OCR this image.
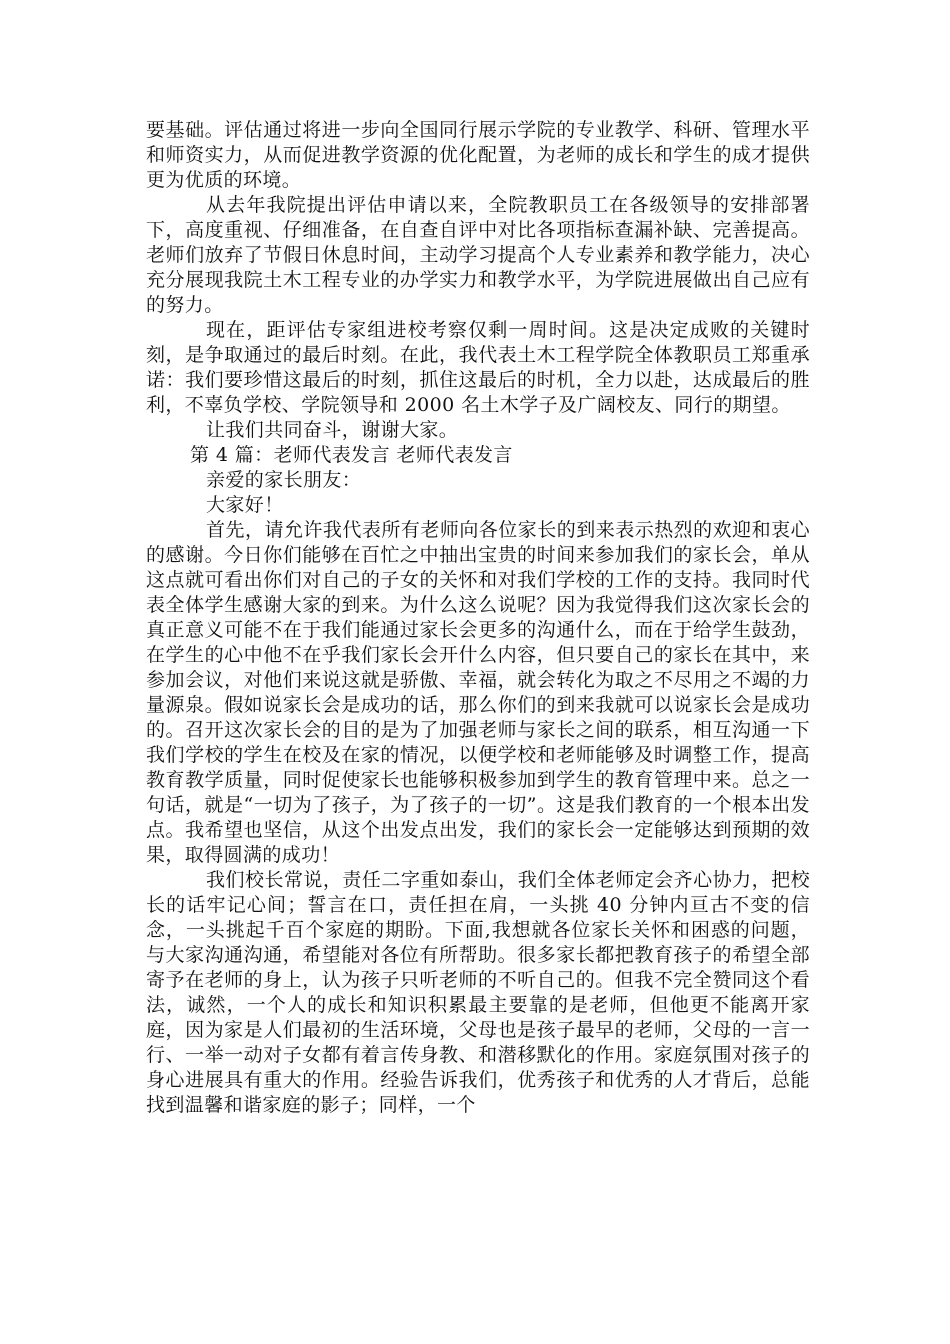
要基础。评估通过将进一步向全国同行展示学院的专业教学、科研、管理水平和师资实力，从而促进教学资源的优化配置，为老师的成长和学生的成才提供更为优质的环境。

从去年我院提出评估申请以来，全院教职员工在各级领导的安排部署下，高度重视、仔细准备，在自查自评中对比各项指标查漏补缺、完善提高。老师们放弃了节假日休息时间，主动学习提高个人专业素养和教学能力，决心充分展现我院土木工程专业的办学实力和教学水平，为学院进展做出自己应有的努力。

现在，距评估专家组进校考察仅剩一周时间。这是决定成败的关键时刻，是争取通过的最后时刻。在此，我代表土木工程学院全体教职员工郑重承诺：我们要珍惜这最后的时刻，抓住这最后的时机，全力以赴，达成最后的胜利，不辜负学校、学院领导和 2000 名土木学子及广阔校友、同行的期望。

让我们共同奋斗，谢谢大家。

第 4 篇：老师代表发言 老师代表发言

亲爱的家长朋友：

大家好！

首先，请允许我代表所有老师向各位家长的到来表示热烈的欢迎和衷心的感谢。今日你们能够在百忙之中抽出宝贵的时间来参加我们的家长会，单从这点就可看出你们对自己的子女的关怀和对我们学校的工作的支持。我同时代表全体学生感谢大家的到来。为什么这么说呢？因为我觉得我们这次家长会的真正意义可能不在于我们能通过家长会更多的沟通什么，而在于给学生鼓劲，在学生的心中他不在乎我们家长会开什么内容，但只要自己的家长在其中，来参加会议，对他们来说这就是骄傲、幸福，就会转化为取之不尽用之不竭的力量源泉。假如说家长会是成功的话，那么你们的到来我就可以说家长会是成功的。召开这次家长会的目的是为了加强老师与家长之间的联系，相互沟通一下我们学校的学生在校及在家的情况，以便学校和老师能够及时调整工作，提高教育教学质量，同时促使家长也能够积极参加到学生的教育管理中来。总之一句话，就是“一切为了孩子，为了孩子的一切”。这是我们教育的一个根本出发点。我希望也坚信，从这个出发点出发，我们的家长会一定能够达到预期的效果，取得圆满的成功！

我们校长常说，责任二字重如泰山，我们全体老师定会齐心协力，把校长的话牢记心间；誓言在口，责任担在肩，一头挑 40 分钟内亘古不变的信念，一头挑起千百个家庭的期盼。下面,我想就各位家长关怀和困惑的问题，与大家沟通沟通，希望能对各位有所帮助。很多家长都把教育孩子的希望全部寄予在老师的身上，认为孩子只听老师的不听自己的。但我不完全赞同这个看法，诚然，一个人的成长和知识积累最主要靠的是老师，但他更不能离开家庭，因为家是人们最初的生活环境，父母也是孩子最早的老师，父母的一言一行、一举一动对子女都有着言传身教、和潜移默化的作用。家庭氛围对孩子的身心进展具有重大的作用。经验告诉我们，优秀孩子和优秀的人才背后，总能找到温馨和谐家庭的影子；同样，一个
